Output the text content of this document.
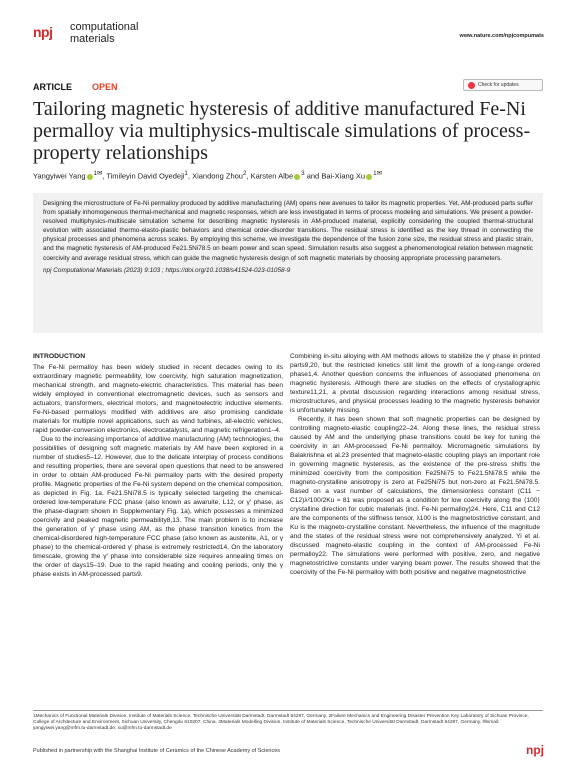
npj computational
materials	www.nature.com/npjcompumats
ARTICLE OPEN	Check for updates
Tailoring magnetic hysteresis of additive manufactured Fe-Ni permalloy via multiphysics-multiscale simulations of process-property relationships
Yangyiwei Yang $^{1✉}$, Timileyin David Oyedeji$^1$, Xiandong Zhou$^2$, Karsten Albe $^3$ and Bai-Xiang Xu $^{1✉}$

Designing the microstructure of Fe-Ni permalloy produced by additive manufacturing (AM) opens new avenues to tailor its magnetic properties. Yet, AM-produced parts suffer from spatially inhomogeneous thermal-mechanical and magnetic responses, which are less investigated in terms of process modeling and simulations. We present a powder-resolved multiphysics-multiscale simulation scheme for describing magnetic hysteresis in AM-produced material, explicitly considering the coupled thermal-structural evolution with associated thermo-elasto-plastic behaviors and chemical order-disorder transitions. The residual stress is identified as the key thread in connecting the physical processes and phenomena across scales. By employing this scheme, we investigate the dependence of the fusion zone size, the residual stress and plastic strain, and the magnetic hysteresis of AM-produced Fe21.5Ni78.5 on beam power and scan speed. Simulation results also suggest a phenomenological relation between magnetic coercivity and average residual stress, which can guide the magnetic hysteresis design of soft magnetic materials by choosing appropriate processing parameters.

npj Computational Materials (2023) 9:103 ; https://doi.org/10.1038/s41524-023-01058-9
INTRODUCTION

The Fe-Ni permalloy has been widely studied in recent decades owing to its extraordinary magnetic permeability, low coercivity, high saturation magnetization, mechanical strength, and magneto-electric characteristics. This material has been widely employed in conventional electromagnetic devices, such as sensors and actuators, transformers, electrical motors, and magnetoelectric inductive elements. Fe-Ni-based permalloys modified with additives are also promising candidate materials for multiple novel applications, such as wind turbines, all-electric vehicles, rapid powder-conversion electronics, electrocatalysts, and magnetic refrigeration1–4.

Due to the increasing importance of additive manufacturing (AM) technologies, the possibilities of designing soft magnetic materials by AM have been explored in a number of studies5–12. However, due to the delicate interplay of process conditions and resulting properties, there are several open questions that need to be answered in order to obtain AM-produced Fe-Ni permalloy parts with the desired property profile. Magnetic properties of the Fe-Ni system depend on the chemical composition, as depicted in Fig. 1a. Fe21.5Ni78.5 is typically selected targeting the chemical-ordered low-temperature FCC phase (also known as awaruite, L12, or γ′ phase, as the phase-diagram shown in Supplementary Fig. 1a), which possesses a minimized coercivity and peaked magnetic permeability8,13. The main problem is to increase the generation of γ′ phase using AM, as the phase transition kinetics from the chemical-disordered high-temperature FCC phase (also known as austenite, A1, or γ phase) to the chemical-ordered γ′ phase is extremely restricted14. On the laboratory timescale, growing the γ′ phase into considerable size requires annealing times on the order of days15–19. Due to the rapid heating and cooling periods, only the γ phase exists in AM-processed parts9.

Combining in-situ alloying with AM methods allows to stabilize the γ′ phase in printed parts9,20, but the restricted kinetics still limit the growth of a long-range ordered phase1,4. Another question concerns the influences of associated phenomena on magnetic hysteresis. Although there are studies on the effects of crystallographic texture11,21, a pivotal discussion regarding interactions among residual stress, microstructures, and physical processes leading to the magnetic hysteresis behavior is unfortunately missing.

Recently, it has been shown that soft magnetic properties can be designed by controlling magneto-elastic coupling22–24. Along these lines, the residual stress caused by AM and the underlying phase transitions could be key for tuning the coercivity in an AM-processed Fe-Ni permalloy. Micromagnetic simulations by Balakrishna et al.23 presented that magneto-elastic coupling plays an important role in governing magnetic hysteresis, as the existence of the pre-stress shifts the minimized coercivity from the composition Fe25Ni75 to Fe21.5Ni78.5 while the magneto-crystalline anisotropy is zero at Fe25Ni75 but non-zero at Fe21.5Ni78.5. Based on a vast number of calculations, the dimensionless constant (C11 − C12)λ²100/2Ku ≈ 81 was proposed as a condition for low coercivity along the ⟨100⟩ crystalline direction for cubic materials (incl. Fe-Ni permalloy)24. Here, C11 and C12 are the components of the stiffness tensor, λ100 is the magnetostrictive constant, and Ku is the magneto-crystalline constant. Nevertheless, the influence of the magnitude and the states of the residual stress were not comprehensively analyzed. Yi et al. discussed magneto-elastic coupling in the context of AM-processed Fe-Ni permalloy22. The simulations were performed with positive, zero, and negative magnetostrictive constants under varying beam power. The results showed that the coercivity of the Fe-Ni permalloy with both positive and negative magnetostrictive

1Mechanics of Functional Materials Division, Institute of Materials Science, Technische Universität Darmstadt, Darmstadt 64287, Germany. 2Failure Mechanics and Engineering Disaster Prevention Key Laboratory of Sichuan Province, College of Architecture and Environment, Sichuan University, Chengdu 610207, China. 3Materials Modelling Division, Institute of Materials Science, Technische Universität Darmstadt, Darmstadt 64287, Germany. ✉email: yangyiwei.yang@mfm.tu-darmstadt.de; xu@mfm.tu-darmstadt.de
Published in partnership with the Shanghai Institute of Ceramics of the Chinese Academy of Sciences	npj
